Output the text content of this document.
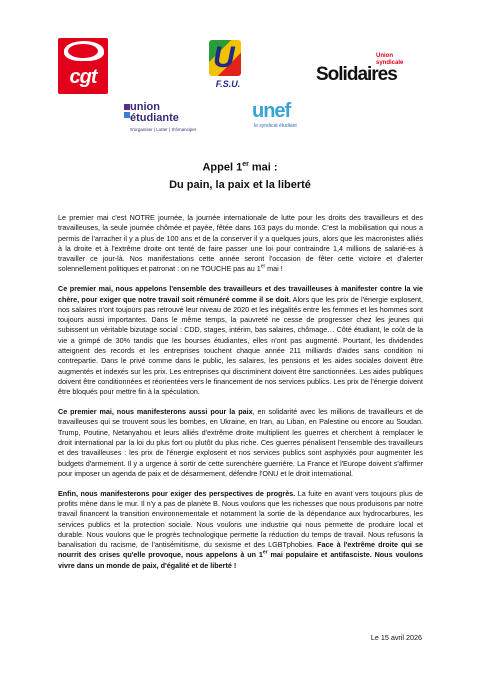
cgt
U
F.S.U.
Union syndicale
Solidaires
union étudiante
S'organiser | Lutter | S'émanciper
unef
le syndicat étudiant
Appel 1er mai :
Du pain, la paix et la liberté

Le premier mai c'est NOTRE journée, la journée internationale de lutte pour les droits des travailleurs et des travailleuses, la seule journée chômée et payée, fêtée dans 163 pays du monde. C'est la mobilisation qui nous a permis de l'arracher il y a plus de 100 ans et de la conserver il y a quelques jours, alors que les macronistes alliés à la droite et à l'extrême droite ont tenté de faire passer une loi pour contraindre 1,4 millions de salarié-es à travailler ce jour-là. Nos manifestations cette année seront l'occasion de fêter cette victoire et d'alerter solennellement politiques et patronat : on ne TOUCHE pas au 1er mai !

Ce premier mai, nous appelons l'ensemble des travailleurs et des travailleuses à manifester contre la vie chère, pour exiger que notre travail soit rémunéré comme il se doit. Alors que les prix de l'énergie explosent, nos salaires n'ont toujours pas retrouvé leur niveau de 2020 et les inégalités entre les femmes et les hommes sont toujours aussi importantes. Dans le même temps, la pauvreté ne cesse de progresser chez les jeunes qui subissent un véritable bizutage social : CDD, stages, intérim, bas salaires, chômage… Côté étudiant, le coût de la vie a grimpé de 30% tandis que les bourses étudiantes, elles n'ont pas augmenté. Pourtant, les dividendes atteignent des records et les entreprises touchent chaque année 211 milliards d'aides sans condition ni contrepartie. Dans le privé comme dans le public, les salaires, les pensions et les aides sociales doivent être augmentés et indexés sur les prix. Les entreprises qui discriminent doivent être sanctionnées. Les aides publiques doivent être conditionnées et réorientées vers le financement de nos services publics. Les prix de l'énergie doivent être bloqués pour mettre fin à la spéculation.

Ce premier mai, nous manifesterons aussi pour la paix, en solidarité avec les millions de travailleurs et de travailleuses qui se trouvent sous les bombes, en Ukraine, en Iran, au Liban, en Palestine ou encore au Soudan. Trump, Poutine, Netanyahou et leurs alliés d'extrême droite multiplient les guerres et cherchent à remplacer le droit international par la loi du plus fort ou plutôt du plus riche. Ces guerres pénalisent l'ensemble des travailleurs et des travailleuses : les prix de l'énergie explosent et nos services publics sont asphyxiés pour augmenter les budgets d'armement. Il y a urgence à sortir de cette surenchère guerrière. La France et l'Europe doivent s'affirmer pour imposer un agenda de paix et de désarmement, défendre l'ONU et le droit international.

Enfin, nous manifesterons pour exiger des perspectives de progrès. La fuite en avant vers toujours plus de profits mène dans le mur. Il n'y a pas de planète B. Nous voulons que les richesses que nous produisons par notre travail financent la transition environnementale et notamment la sortie de la dépendance aux hydrocarbures, les services publics et la protection sociale. Nous voulons une industrie qui nous permette de produire local et durable. Nous voulons que le progrès technologique permette la réduction du temps de travail. Nous refusons la banalisation du racisme, de l'antisémitisme, du sexisme et des LGBTphobies. Face à l'extrême droite qui se nourrit des crises qu'elle provoque, nous appelons à un 1er mai populaire et antifasciste. Nous voulons vivre dans un monde de paix, d'égalité et de liberté !

Le 15 avril 2026
